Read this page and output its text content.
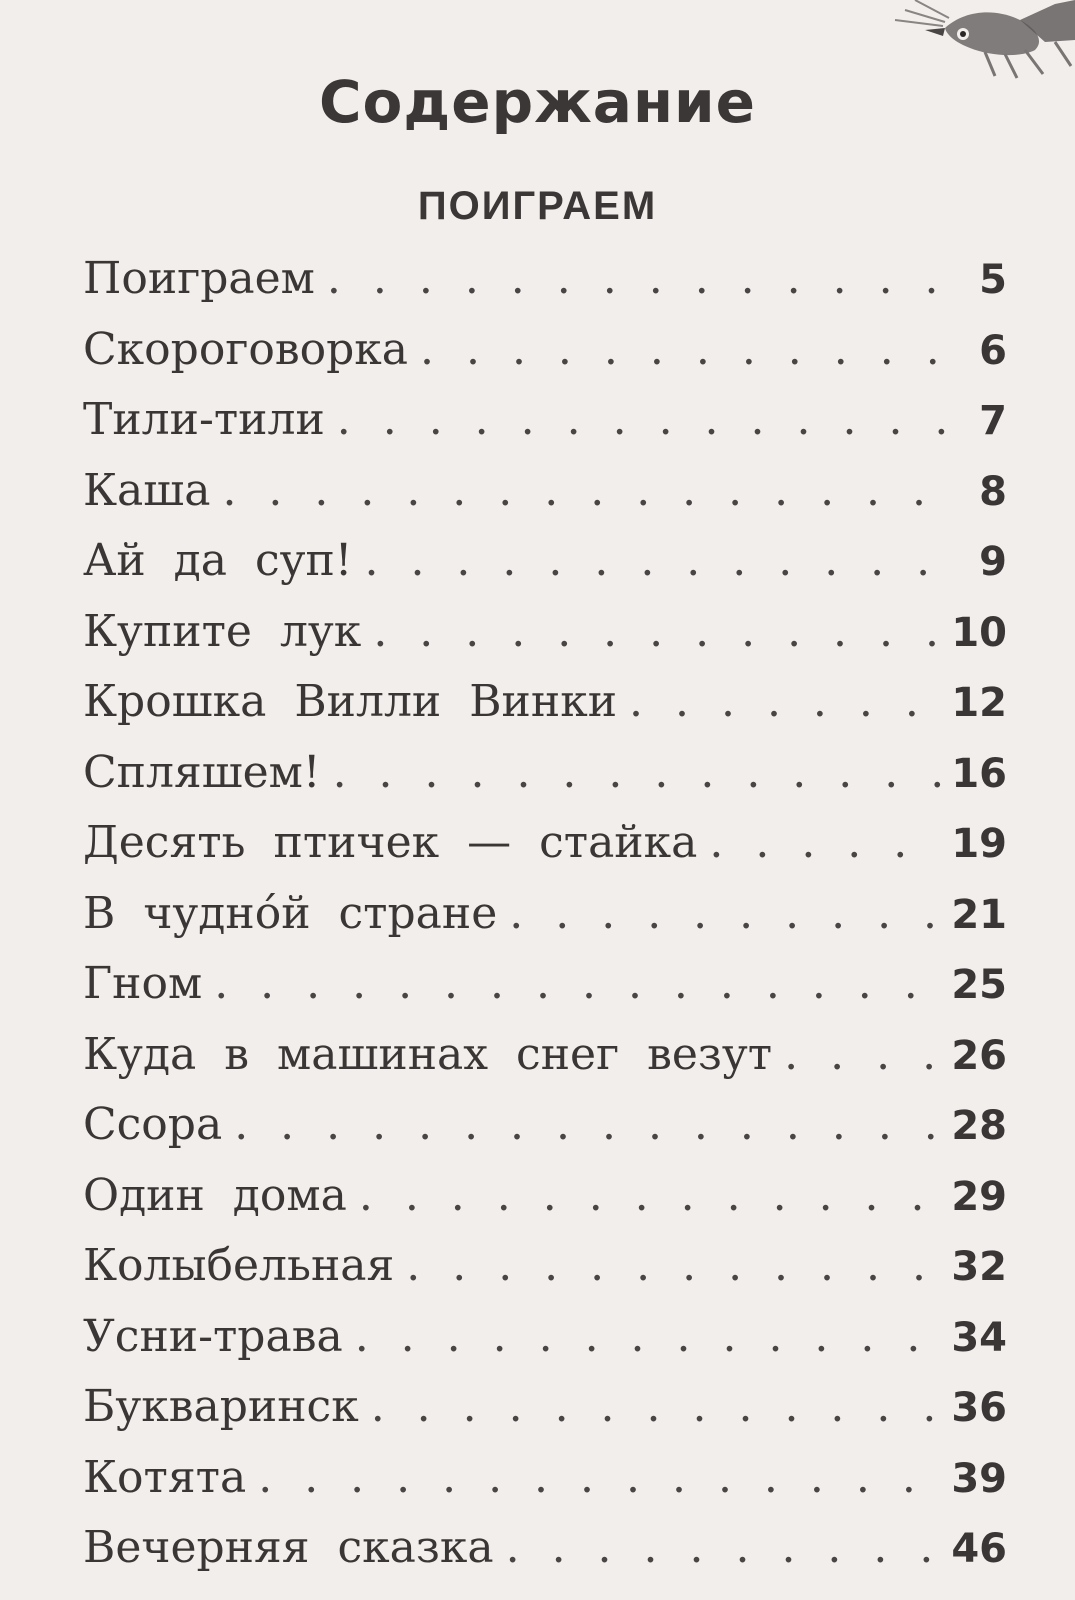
Содержание
ПОИГРАЕМ
Поиграем . . .	5
Скороговорка . . .	6
Тили-тили . . .	7
Каша . . .	8
Ай да суп! . . .	9
Купите лук . . .	10
Крошка Вилли Винки . . .	12
Спляшем! . . .	16
Десять птичек — стайка . . .	19
В чудно́й стране . . .	21
Гном . . .	25
Куда в машинах снег везут . . .	26
Ссора . . .	28
Один дома . . .	29
Колыбельная . . .	32
Усни-трава . . .	34
Букваринск . . .	36
Котята . . .	39
Вечерняя сказка . . .	46
